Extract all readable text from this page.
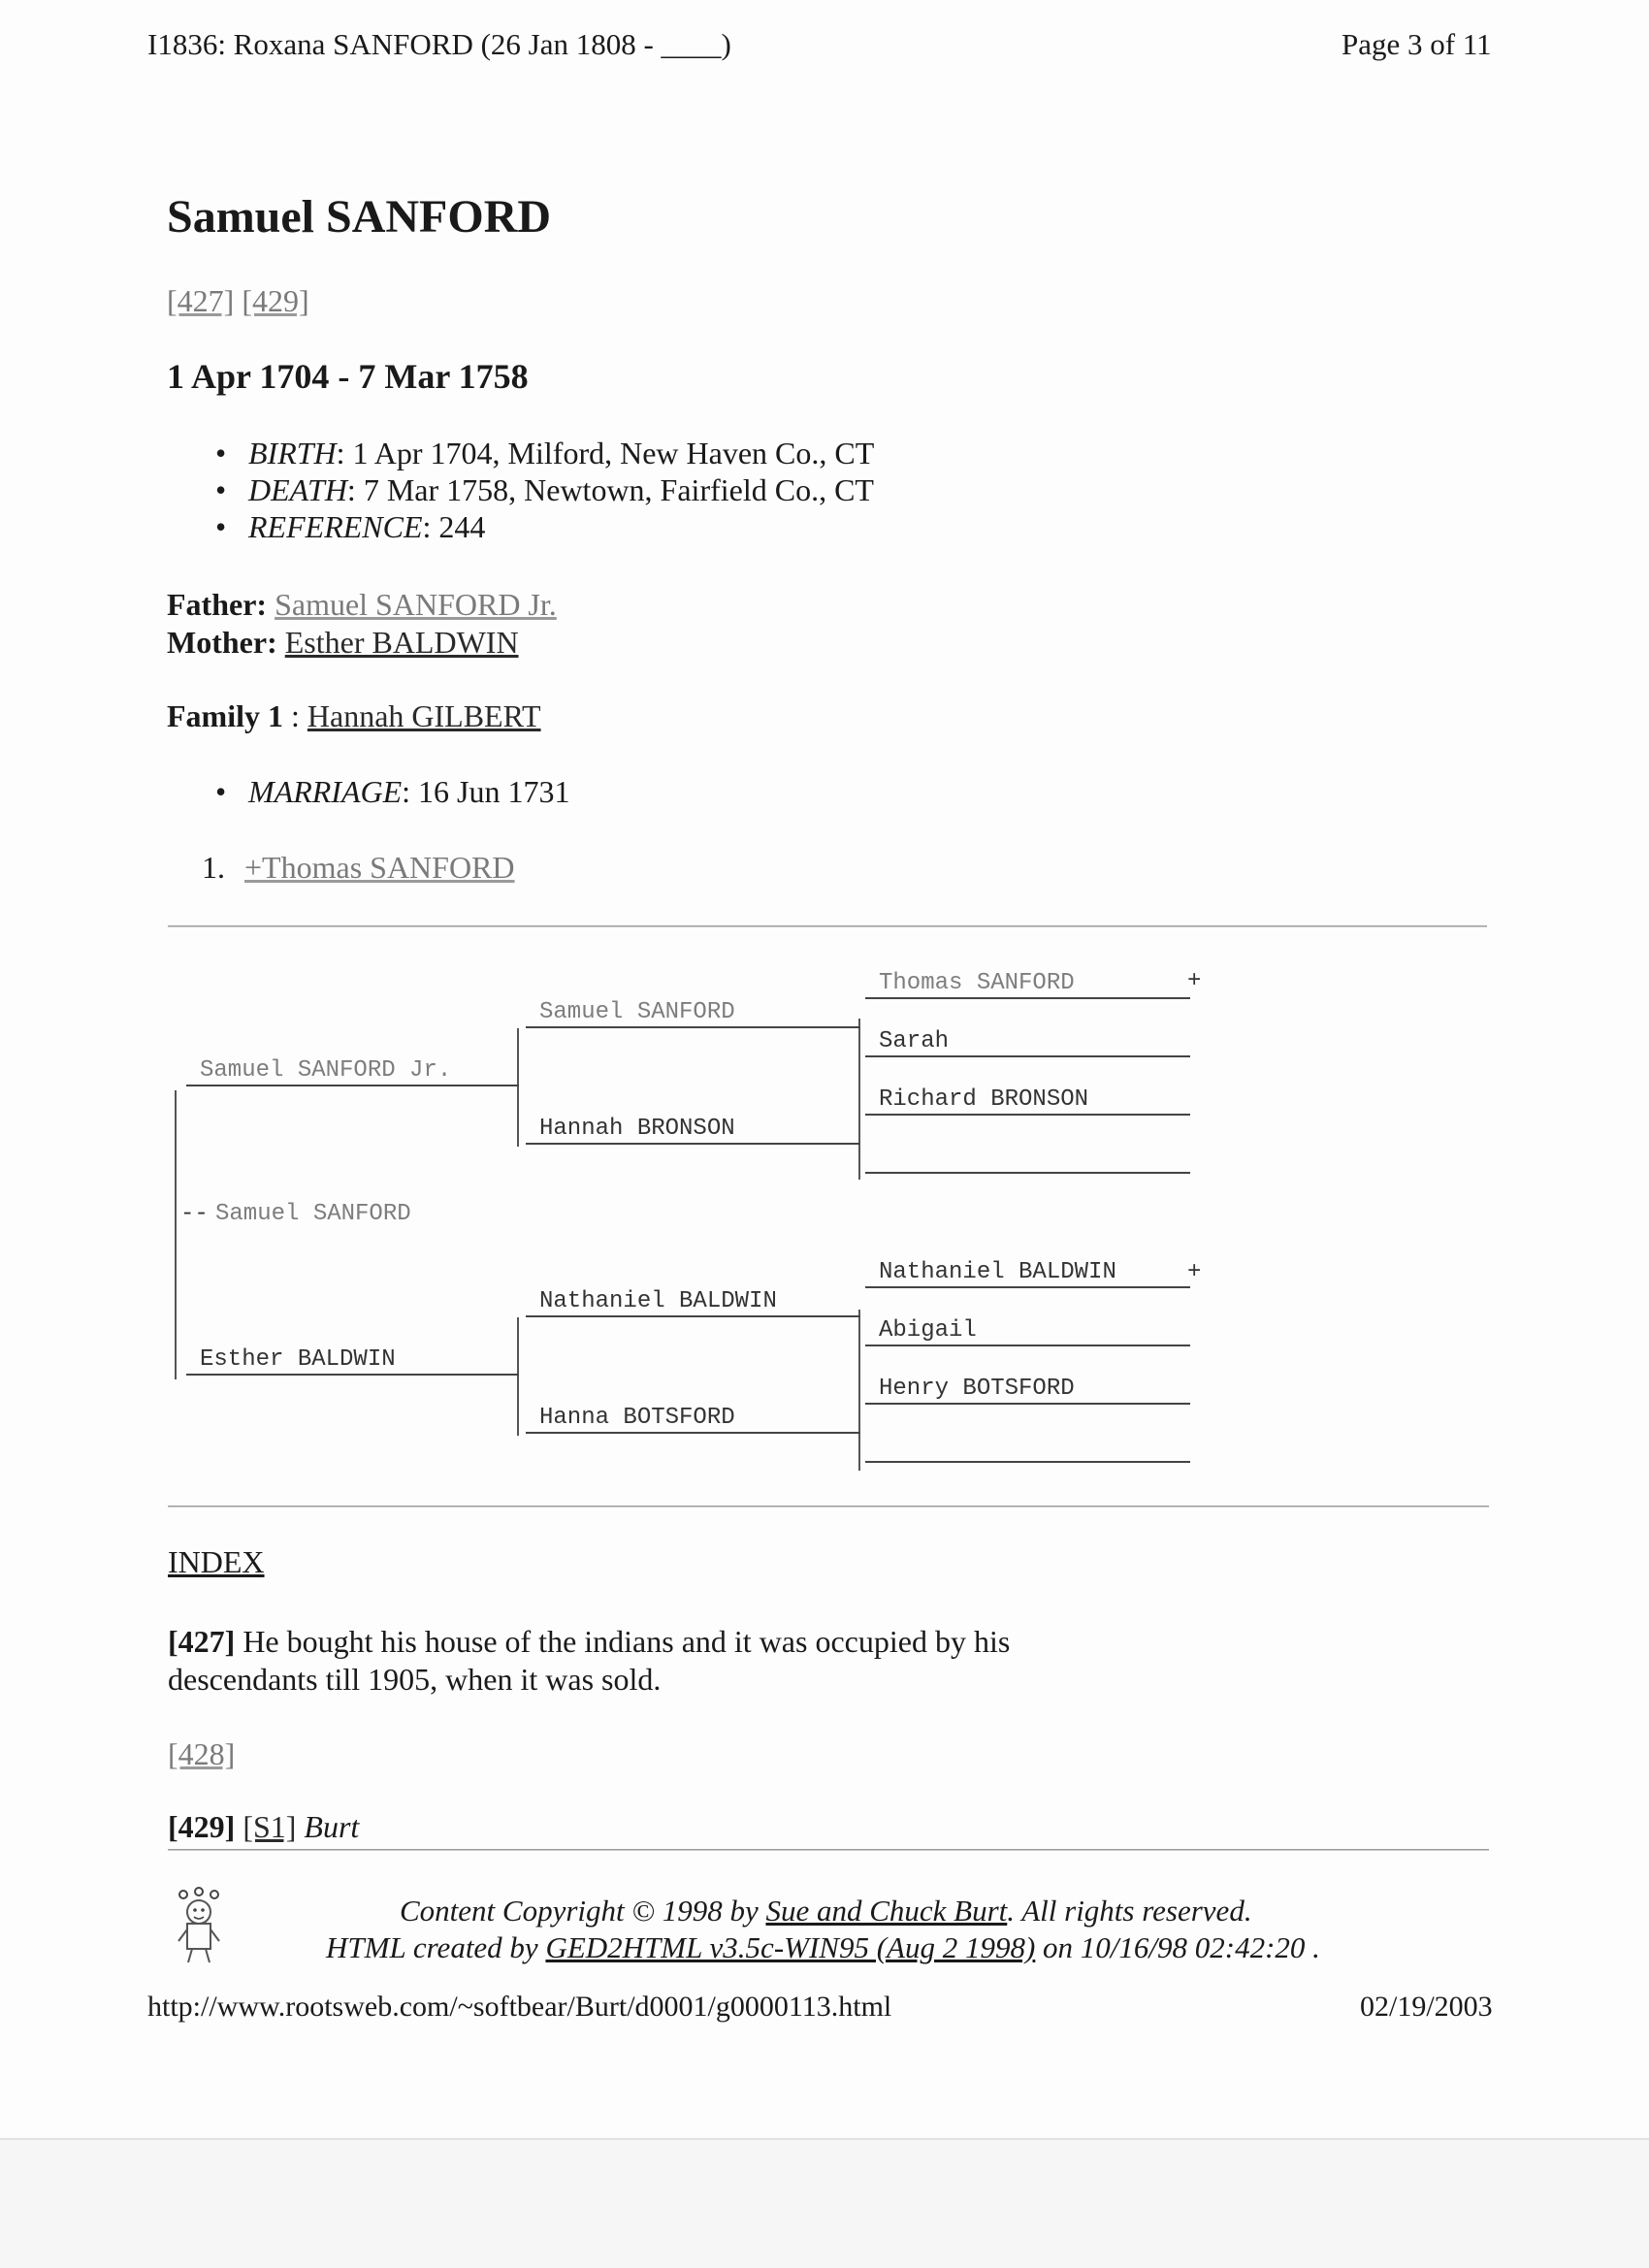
I1836: Roxana SANFORD (26 Jan 1808 - ____)	Page 3 of 11
Samuel SANFORD
[427] [429]
1 Apr 1704 - 7 Mar 1758
• BIRTH: 1 Apr 1704, Milford, New Haven Co., CT
• DEATH: 7 Mar 1758, Newtown, Fairfield Co., CT
• REFERENCE: 244
Father: Samuel SANFORD Jr.
Mother: Esther BALDWIN
Family 1 : Hannah GILBERT
• MARRIAGE: 16 Jun 1731
1. +Thomas SANFORD
Thomas SANFORD	+
Sarah
Richard BRONSON
Nathaniel BALDWIN	+
Abigail
Henry BOTSFORD
Samuel SANFORD
Hannah BRONSON
Nathaniel BALDWIN
Hanna BOTSFORD
Samuel SANFORD Jr.
Esther BALDWIN
-- Samuel SANFORD
INDEX
[427] He bought his house of the indians and it was occupied by his
descendants till 1905, when it was sold.
[428]
[429] [S1] Burt
Content Copyright © 1998 by Sue and Chuck Burt. All rights reserved.
HTML created by GED2HTML v3.5c-WIN95 (Aug 2 1998) on 10/16/98 02:42:20 .
http://www.rootsweb.com/~softbear/Burt/d0001/g0000113.html	02/19/2003
